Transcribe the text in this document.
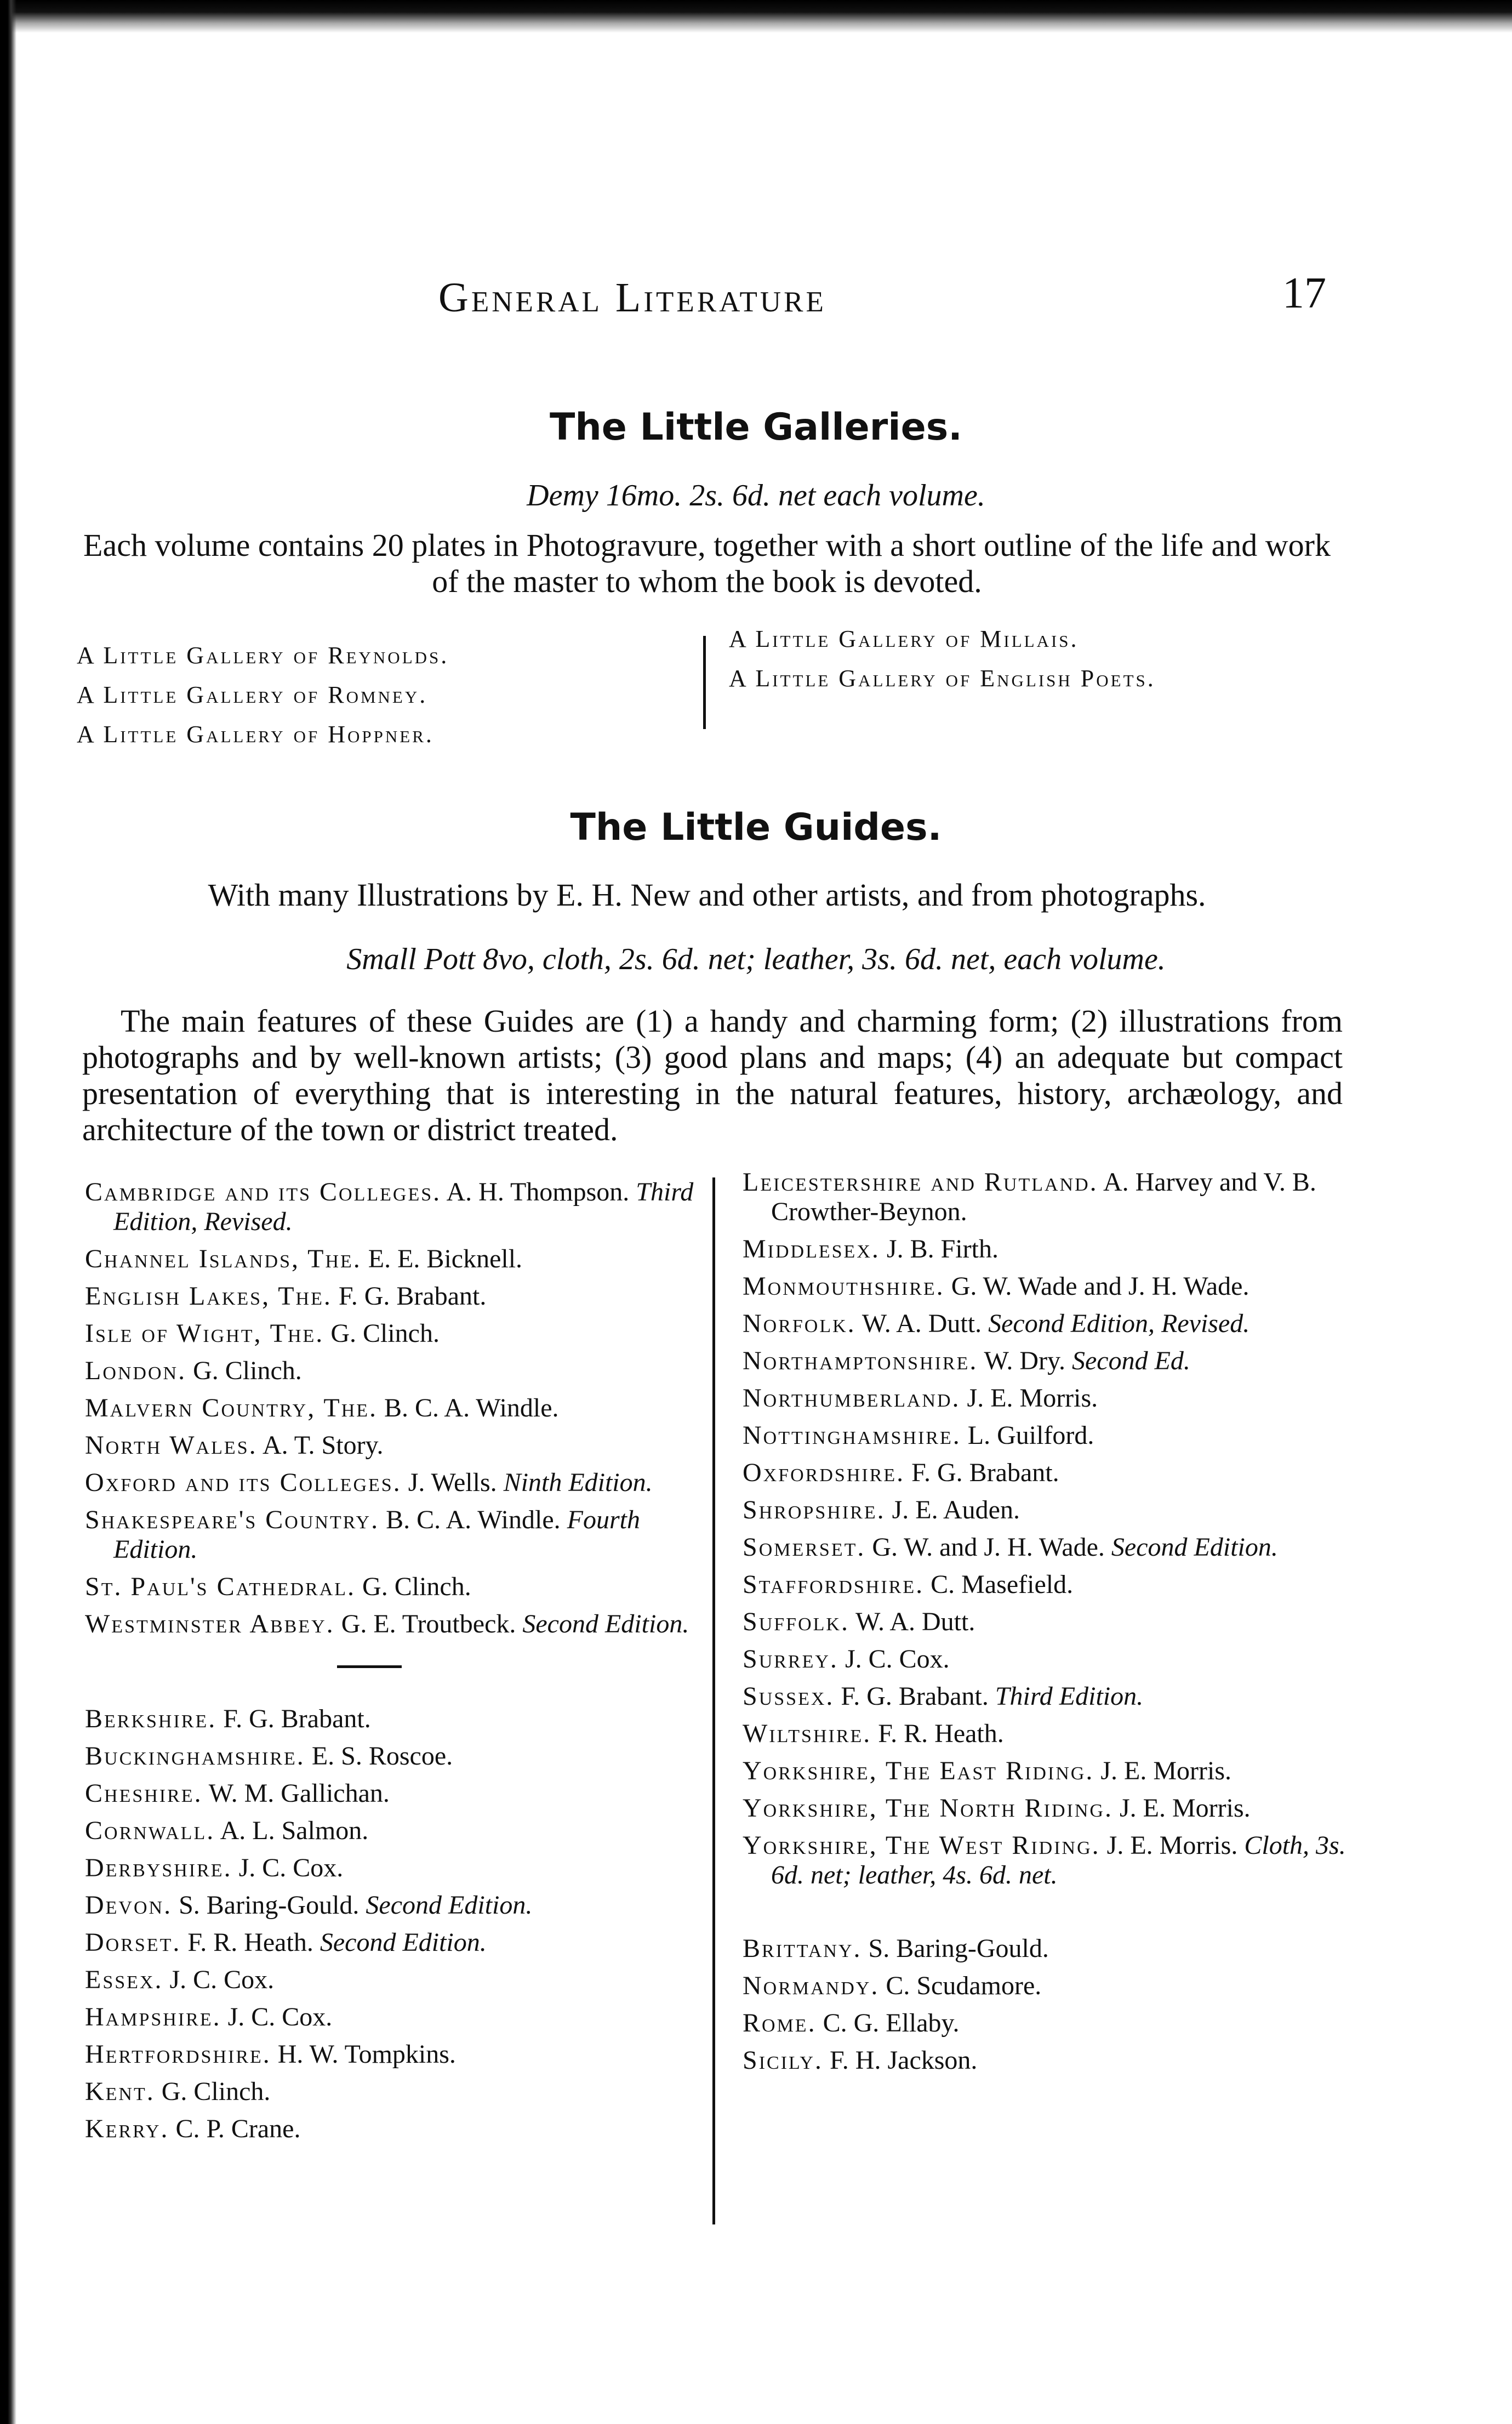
General Literature	17
The Little Galleries.
Demy 16mo. 2s. 6d. net each volume.
Each volume contains 20 plates in Photogravure, together with a short outline of the life and work of the master to whom the book is devoted.
A Little Gallery of Reynolds.
A Little Gallery of Romney.
A Little Gallery of Hoppner.
A Little Gallery of Millais.
A Little Gallery of English Poets.
The Little Guides.
With many Illustrations by E. H. New and other artists, and from photographs.
Small Pott 8vo, cloth, 2s. 6d. net; leather, 3s. 6d. net, each volume.
The main features of these Guides are (1) a handy and charming form; (2) illustrations from photographs and by well-known artists; (3) good plans and maps; (4) an adequate but compact presentation of everything that is interesting in the natural features, history, archæology, and architecture of the town or district treated.
Cambridge and its Colleges. A. H. Thompson. Third Edition, Revised.
Channel Islands, The. E. E. Bicknell.
English Lakes, The. F. G. Brabant.
Isle of Wight, The. G. Clinch.
London. G. Clinch.
Malvern Country, The. B. C. A. Windle.
North Wales. A. T. Story.
Oxford and its Colleges. J. Wells. Ninth Edition.
Shakespeare's Country. B. C. A. Windle. Fourth Edition.
St. Paul's Cathedral. G. Clinch.
Westminster Abbey. G. E. Troutbeck. Second Edition.
Berkshire. F. G. Brabant.
Buckinghamshire. E. S. Roscoe.
Cheshire. W. M. Gallichan.
Cornwall. A. L. Salmon.
Derbyshire. J. C. Cox.
Devon. S. Baring-Gould. Second Edition.
Dorset. F. R. Heath. Second Edition.
Essex. J. C. Cox.
Hampshire. J. C. Cox.
Hertfordshire. H. W. Tompkins.
Kent. G. Clinch.
Kerry. C. P. Crane.
Leicestershire and Rutland. A. Harvey and V. B. Crowther-Beynon.
Middlesex. J. B. Firth.
Monmouthshire. G. W. Wade and J. H. Wade.
Norfolk. W. A. Dutt. Second Edition, Revised.
Northamptonshire. W. Dry. Second Ed.
Northumberland. J. E. Morris.
Nottinghamshire. L. Guilford.
Oxfordshire. F. G. Brabant.
Shropshire. J. E. Auden.
Somerset. G. W. and J. H. Wade. Second Edition.
Staffordshire. C. Masefield.
Suffolk. W. A. Dutt.
Surrey. J. C. Cox.
Sussex. F. G. Brabant. Third Edition.
Wiltshire. F. R. Heath.
Yorkshire, The East Riding. J. E. Morris.
Yorkshire, The North Riding. J. E. Morris.
Yorkshire, The West Riding. J. E. Morris. Cloth, 3s. 6d. net; leather, 4s. 6d. net.
Brittany. S. Baring-Gould.
Normandy. C. Scudamore.
Rome. C. G. Ellaby.
Sicily. F. H. Jackson.
